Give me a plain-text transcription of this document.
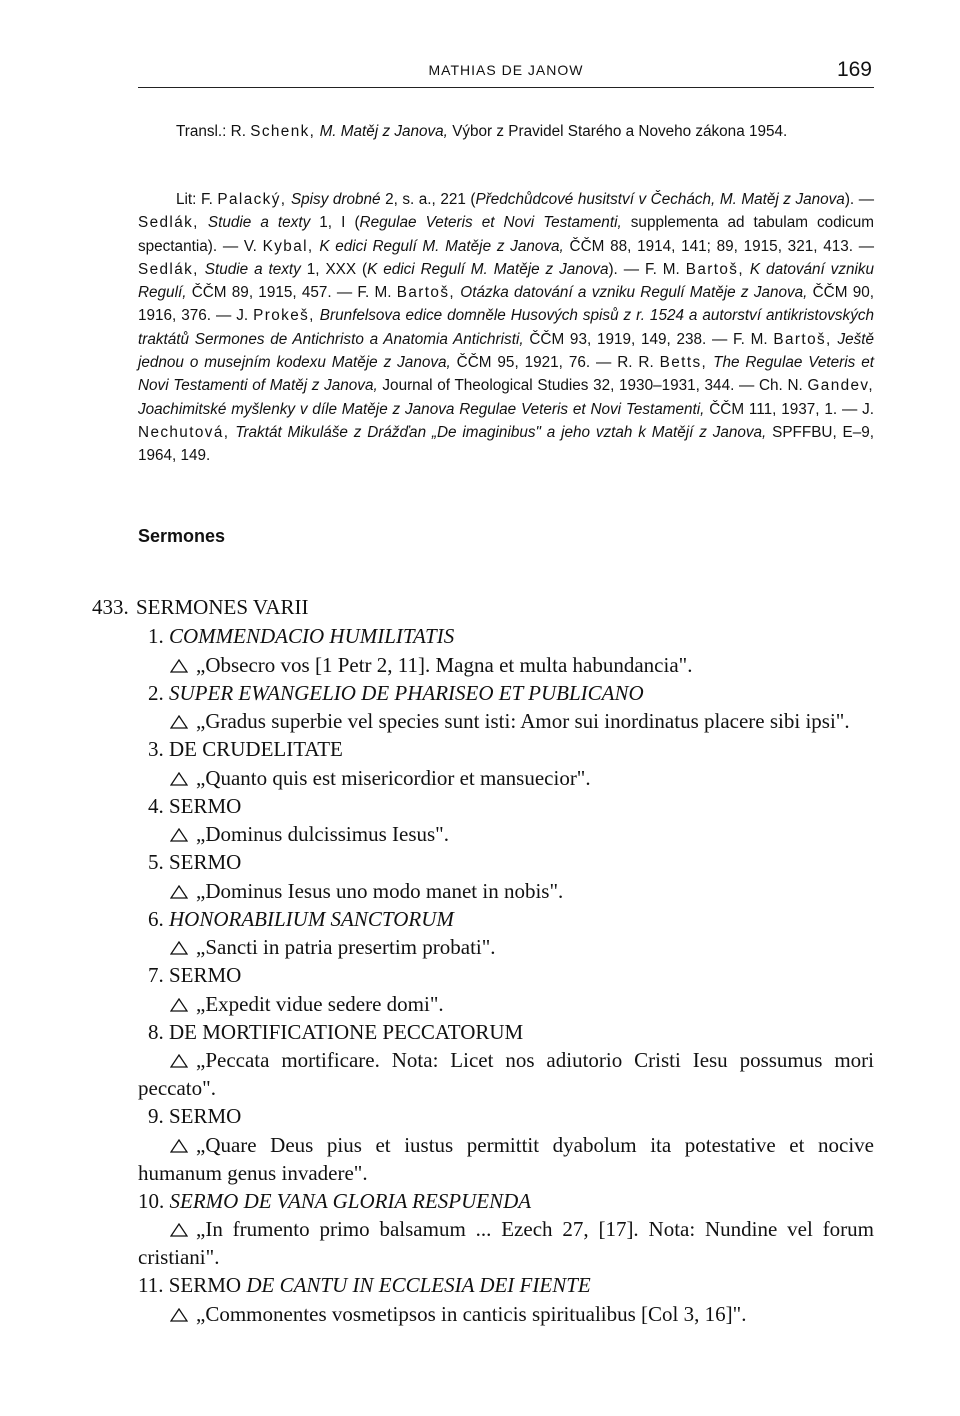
MATHIAS DE JANOW	169

Transl.: R. Schenk, M. Matěj z Janova, Výbor z Pravidel Starého a Noveho zákona 1954.

Lit: F. Palacký, Spisy drobné 2, s. a., 221 (Předchůdcové husitství v Čechách, M. Matěj z Janova). —Sedlák, Studie a texty 1, I (Regulae Veteris et Novi Testamenti, supplementa ad tabulam codicum spectantia). — V. Kybal, K edici Regulí M. Matěje z Janova, ČČM 88, 1914, 141; 89, 1915, 321, 413. — Sedlák, Studie a texty 1, XXX (K edici Regulí M. Matěje z Janova). — F. M. Bartoš, K datování vzniku Regulí, ČČM 89, 1915, 457. — F. M. Bartoš, Otázka datování a vzniku Regulí Matěje z Janova, ČČM 90, 1916, 376. — J. Prokeš, Brunfelsova edice domněle Husových spisů z r. 1524 a autorství antikristovských traktátů Sermones de Antichristo a Anatomia Antichristi, ČČM 93, 1919, 149, 238. — F. M. Bartoš, Ještě jednou o musejním kodexu Matěje z Janova, ČČM 95, 1921, 76. — R. R. Betts, The Regulae Veteris et Novi Testamenti of Matěj z Janova, Journal of Theological Studies 32, 1930–1931, 344. — Ch. N. Gandev, Joachimitské myšlenky v díle Matěje z Janova Regulae Veteris et Novi Testamenti, ČČM 111, 1937, 1. — J. Nechutová, Traktát Mikuláše z Drážďan „De imaginibus" a jeho vztah k Matějí z Janova, SPFFBU, E–9, 1964, 149.

Sermones
433. SERMONES VARII
1. COMMENDACIO HUMILITATIS
„Obsecro vos [1 Petr 2, 11]. Magna et multa habundancia".
2. SUPER EWANGELIO DE PHARISEO ET PUBLICANO
„Gradus superbie vel species sunt isti: Amor sui inordinatus placere sibi ipsi".
3. DE CRUDELITATE
„Quanto quis est misericordior et mansuecior".
4. SERMO
„Dominus dulcissimus Iesus".
5. SERMO
„Dominus Iesus uno modo manet in nobis".
6. HONORABILIUM SANCTORUM
„Sancti in patria presertim probati".
7. SERMO
„Expedit vidue sedere domi".
8. DE MORTIFICATIONE PECCATORUM
„Peccata mortificare. Nota: Licet nos adiutorio Cristi Iesu possumus mori peccato".
9. SERMO
„Quare Deus pius et iustus permittit dyabolum ita potestative et nocive humanum genus invadere".
10. SERMO DE VANA GLORIA RESPUENDA
„In frumento primo balsamum ... Ezech 27, [17]. Nota: Nundine vel forum cristiani".
11. SERMO DE CANTU IN ECCLESIA DEI FIENTE
„Commonentes vosmetipsos in canticis spiritualibus [Col 3, 16]".
